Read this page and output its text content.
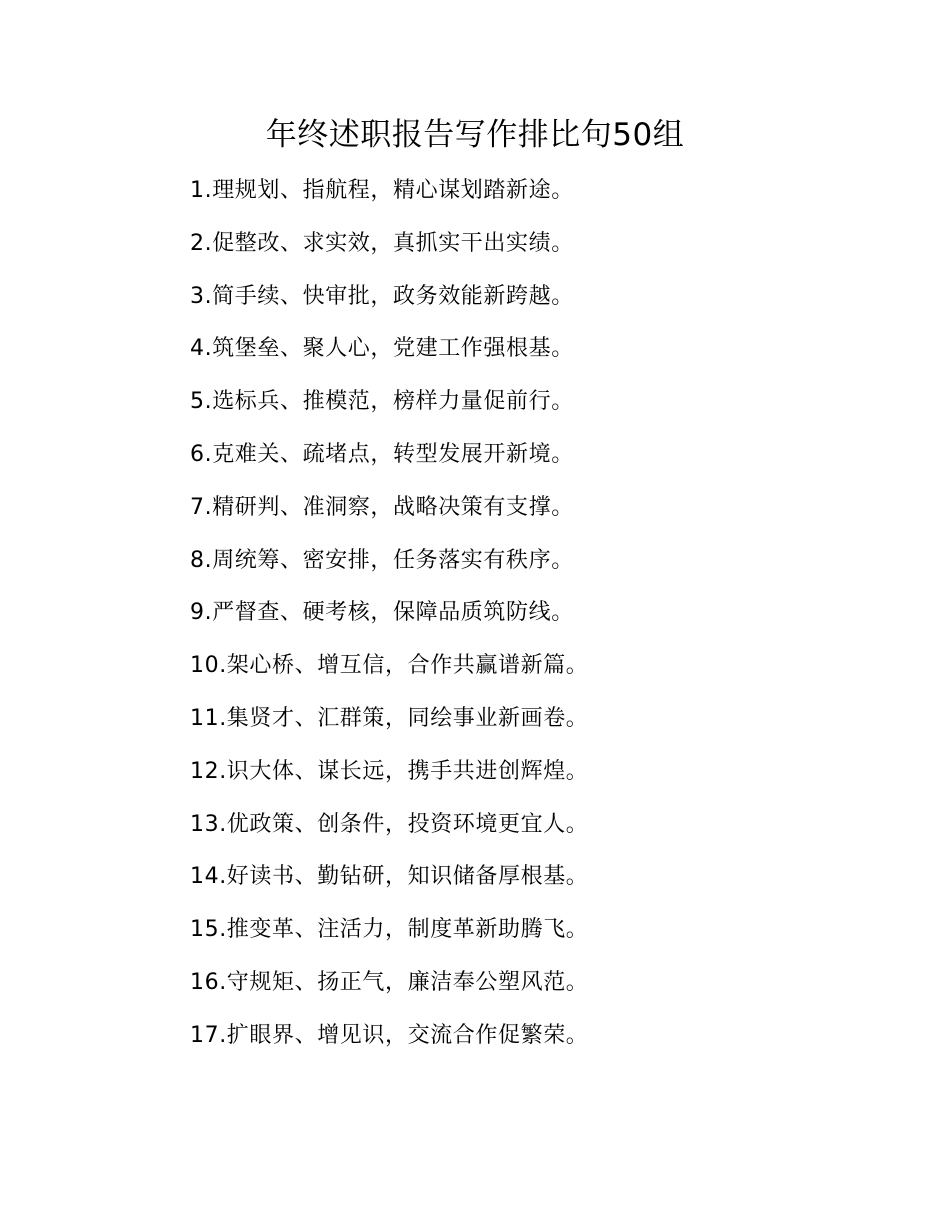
年终述职报告写作排比句50组
1.理规划、指航程，精心谋划踏新途。
2.促整改、求实效，真抓实干出实绩。
3.简手续、快审批，政务效能新跨越。
4.筑堡垒、聚人心，党建工作强根基。
5.选标兵、推模范，榜样力量促前行。
6.克难关、疏堵点，转型发展开新境。
7.精研判、准洞察，战略决策有支撑。
8.周统筹、密安排，任务落实有秩序。
9.严督查、硬考核，保障品质筑防线。
10.架心桥、增互信，合作共赢谱新篇。
11.集贤才、汇群策，同绘事业新画卷。
12.识大体、谋长远，携手共进创辉煌。
13.优政策、创条件，投资环境更宜人。
14.好读书、勤钻研，知识储备厚根基。
15.推变革、注活力，制度革新助腾飞。
16.守规矩、扬正气，廉洁奉公塑风范。
17.扩眼界、增见识，交流合作促繁荣。
